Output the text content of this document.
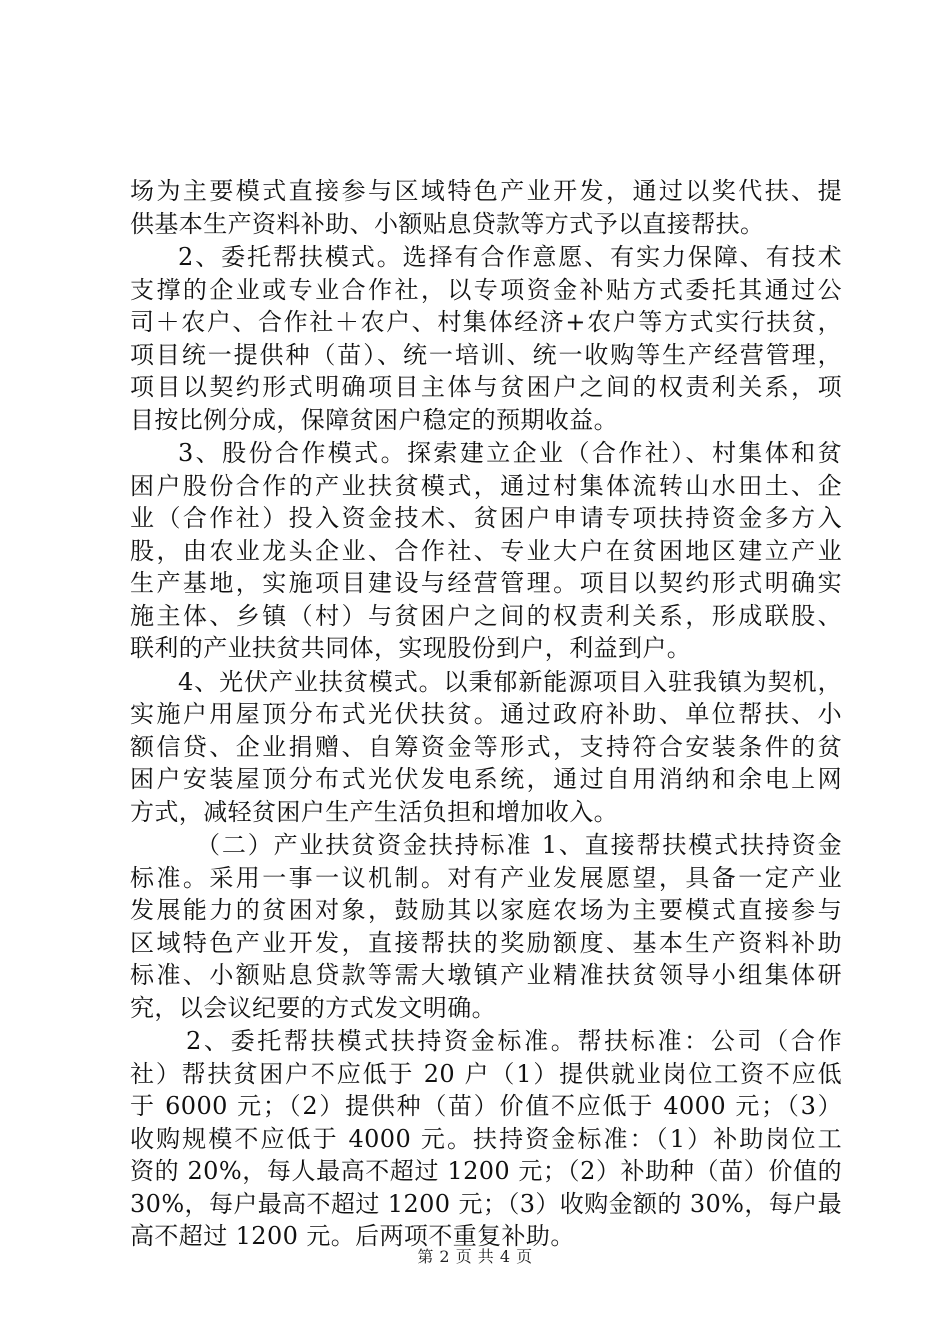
场为主要模式直接参与区域特色产业开发，通过以奖代扶、提
供基本生产资料补助、小额贴息贷款等方式予以直接帮扶。
2、委托帮扶模式。选择有合作意愿、有实力保障、有技术
支撑的企业或专业合作社，以专项资金补贴方式委托其通过公
司＋农户、合作社＋农户、村集体经济+农户等方式实行扶贫，
项目统一提供种（苗）、统一培训、统一收购等生产经营管理，
项目以契约形式明确项目主体与贫困户之间的权责利关系，项
目按比例分成，保障贫困户稳定的预期收益。
3、股份合作模式。探索建立企业（合作社）、村集体和贫
困户股份合作的产业扶贫模式，通过村集体流转山水田土、企
业（合作社）投入资金技术、贫困户申请专项扶持资金多方入
股，由农业龙头企业、合作社、专业大户在贫困地区建立产业
生产基地，实施项目建设与经营管理。项目以契约形式明确实
施主体、乡镇（村）与贫困户之间的权责利关系，形成联股、
联利的产业扶贫共同体，实现股份到户，利益到户。
4、光伏产业扶贫模式。以秉郁新能源项目入驻我镇为契机，
实施户用屋顶分布式光伏扶贫。通过政府补助、单位帮扶、小
额信贷、企业捐赠、自筹资金等形式，支持符合安装条件的贫
困户安装屋顶分布式光伏发电系统，通过自用消纳和余电上网
方式，减轻贫困户生产生活负担和增加收入。
（二）产业扶贫资金扶持标准 1、直接帮扶模式扶持资金
标准。采用一事一议机制。对有产业发展愿望，具备一定产业
发展能力的贫困对象，鼓励其以家庭农场为主要模式直接参与
区域特色产业开发，直接帮扶的奖励额度、基本生产资料补助
标准、小额贴息贷款等需大墩镇产业精准扶贫领导小组集体研
究，以会议纪要的方式发文明确。
2、委托帮扶模式扶持资金标准。帮扶标准：公司（合作
社）帮扶贫困户不应低于 20 户（1）提供就业岗位工资不应低
于 6000 元；（2）提供种（苗）价值不应低于 4000 元；（3）
收购规模不应低于 4000 元。扶持资金标准：（1）补助岗位工
资的 20%，每人最高不超过 1200 元；（2）补助种（苗）价值的
30%，每户最高不超过 1200 元；（3）收购金额的 30%，每户最
高不超过 1200 元。后两项不重复补助。
第 2 页 共 4 页
